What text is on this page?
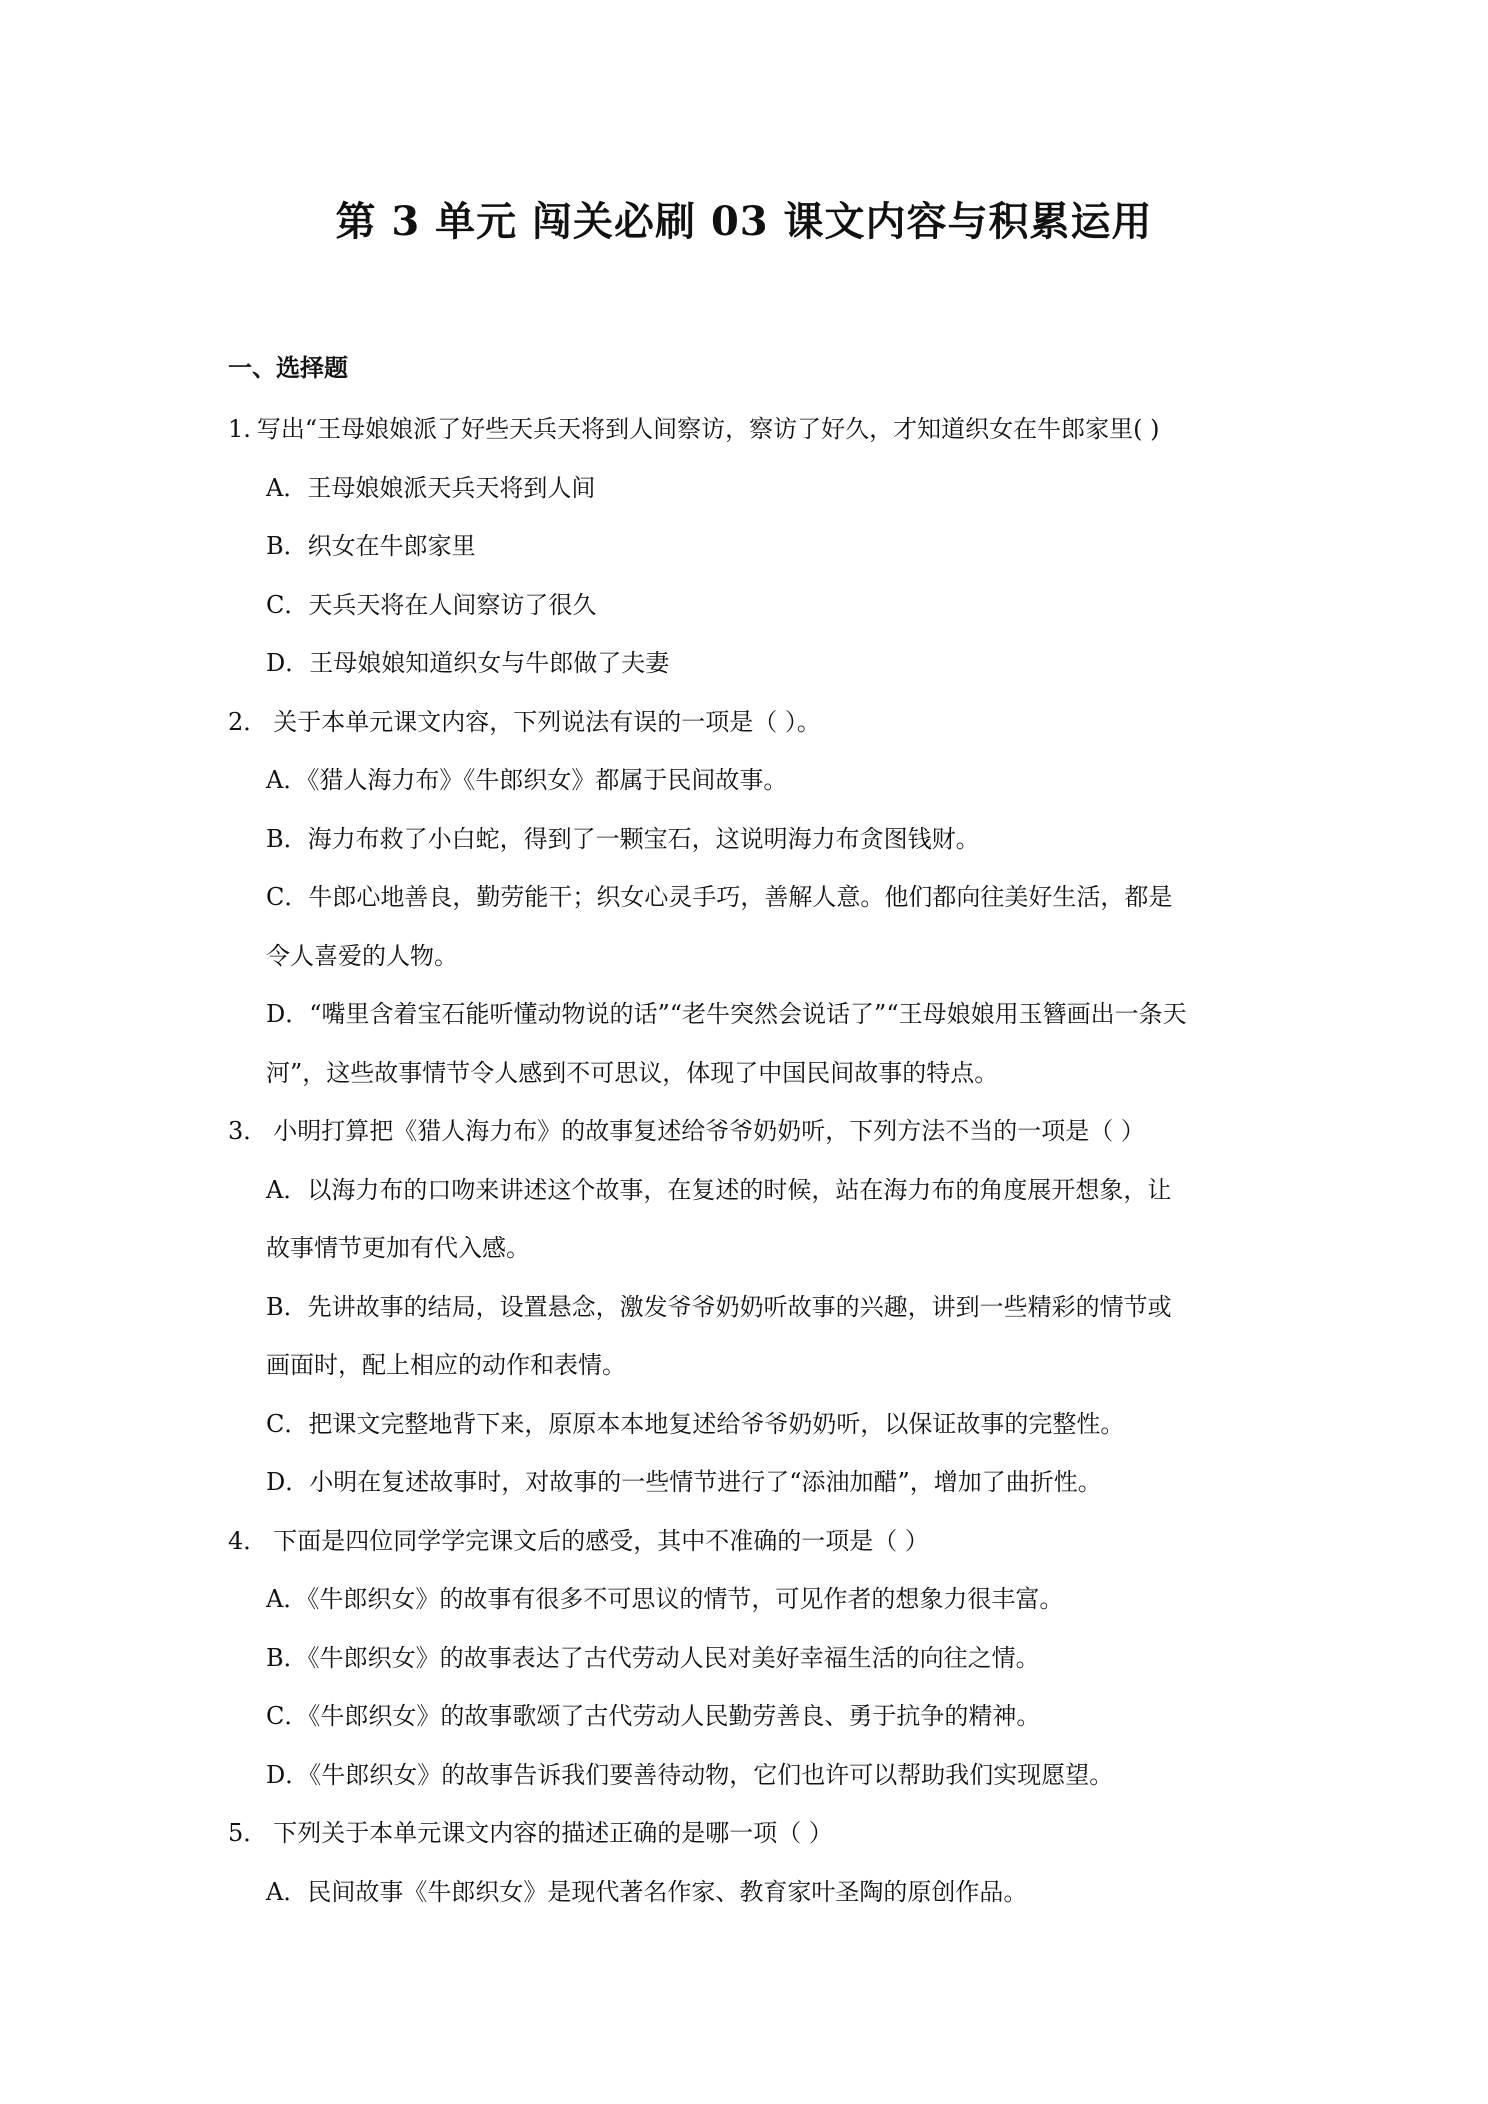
第 3 单元 闯关必刷 03 课文内容与积累运用
一、选择题
1. 写出“王母娘娘派了好些天兵天将到人间察访，察访了好久，才知道织女在牛郎家里( )
A．王母娘娘派天兵天将到人间
B．织女在牛郎家里
C．天兵天将在人间察访了很久
D．王母娘娘知道织女与牛郎做了夫妻
2． 关于本单元课文内容，下列说法有误的一项是（ ）。
A．《猎人海力布》《牛郎织女》都属于民间故事。
B．海力布救了小白蛇，得到了一颗宝石，这说明海力布贪图钱财。
C．牛郎心地善良，勤劳能干；织女心灵手巧，善解人意。他们都向往美好生活，都是
令人喜爱的人物。
D．“嘴里含着宝石能听懂动物说的话”“老牛突然会说话了”“王母娘娘用玉簪画出一条天
河”，这些故事情节令人感到不可思议，体现了中国民间故事的特点。
3． 小明打算把《猎人海力布》的故事复述给爷爷奶奶听，下列方法不当的一项是（ ）
A．以海力布的口吻来讲述这个故事，在复述的时候，站在海力布的角度展开想象，让
故事情节更加有代入感。
B．先讲故事的结局，设置悬念，激发爷爷奶奶听故事的兴趣，讲到一些精彩的情节或
画面时，配上相应的动作和表情。
C．把课文完整地背下来，原原本本地复述给爷爷奶奶听，以保证故事的完整性。
D．小明在复述故事时，对故事的一些情节进行了“添油加醋”，增加了曲折性。
4． 下面是四位同学学完课文后的感受，其中不准确的一项是（ ）
A．《牛郎织女》的故事有很多不可思议的情节，可见作者的想象力很丰富。
B．《牛郎织女》的故事表达了古代劳动人民对美好幸福生活的向往之情。
C．《牛郎织女》的故事歌颂了古代劳动人民勤劳善良、勇于抗争的精神。
D．《牛郎织女》的故事告诉我们要善待动物，它们也许可以帮助我们实现愿望。
5． 下列关于本单元课文内容的描述正确的是哪一项（ ）
A．民间故事《牛郎织女》是现代著名作家、教育家叶圣陶的原创作品。
